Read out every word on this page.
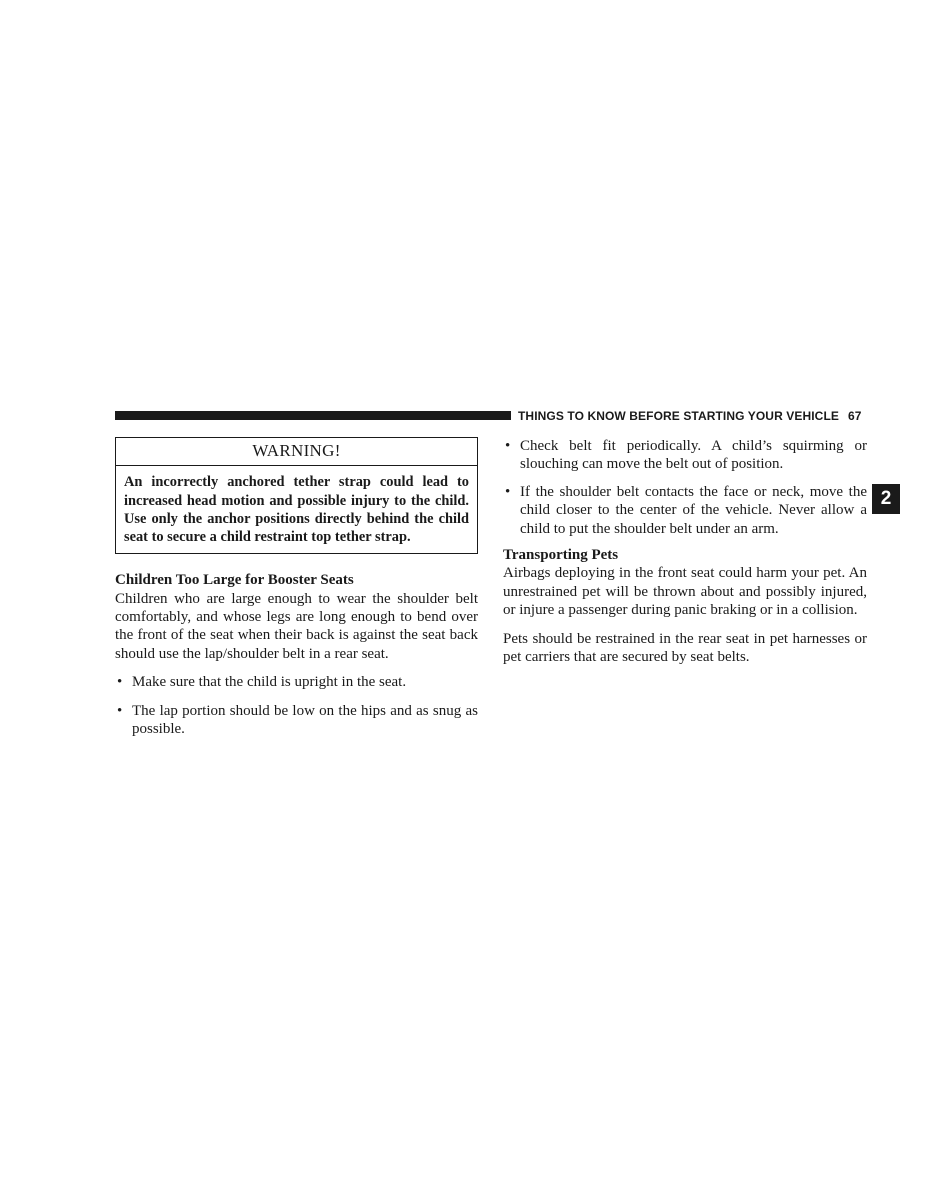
THINGS TO KNOW BEFORE STARTING YOUR VEHICLE 67
2
WARNING!
An incorrectly anchored tether strap could lead to increased head motion and possible injury to the child. Use only the anchor positions directly behind the child seat to secure a child restraint top tether strap.
Children Too Large for Booster Seats

Children who are large enough to wear the shoulder belt comfortably, and whose legs are long enough to bend over the front of the seat when their back is against the seat back should use the lap/shoulder belt in a rear seat.

• Make sure that the child is upright in the seat.
• The lap portion should be low on the hips and as snug as possible.
• Check belt fit periodically. A child’s squirming or slouching can move the belt out of position.
• If the shoulder belt contacts the face or neck, move the child closer to the center of the vehicle. Never allow a child to put the shoulder belt under an arm.
Transporting Pets

Airbags deploying in the front seat could harm your pet. An unrestrained pet will be thrown about and possibly injured, or injure a passenger during panic braking or in a collision.

Pets should be restrained in the rear seat in pet harnesses or pet carriers that are secured by seat belts.
